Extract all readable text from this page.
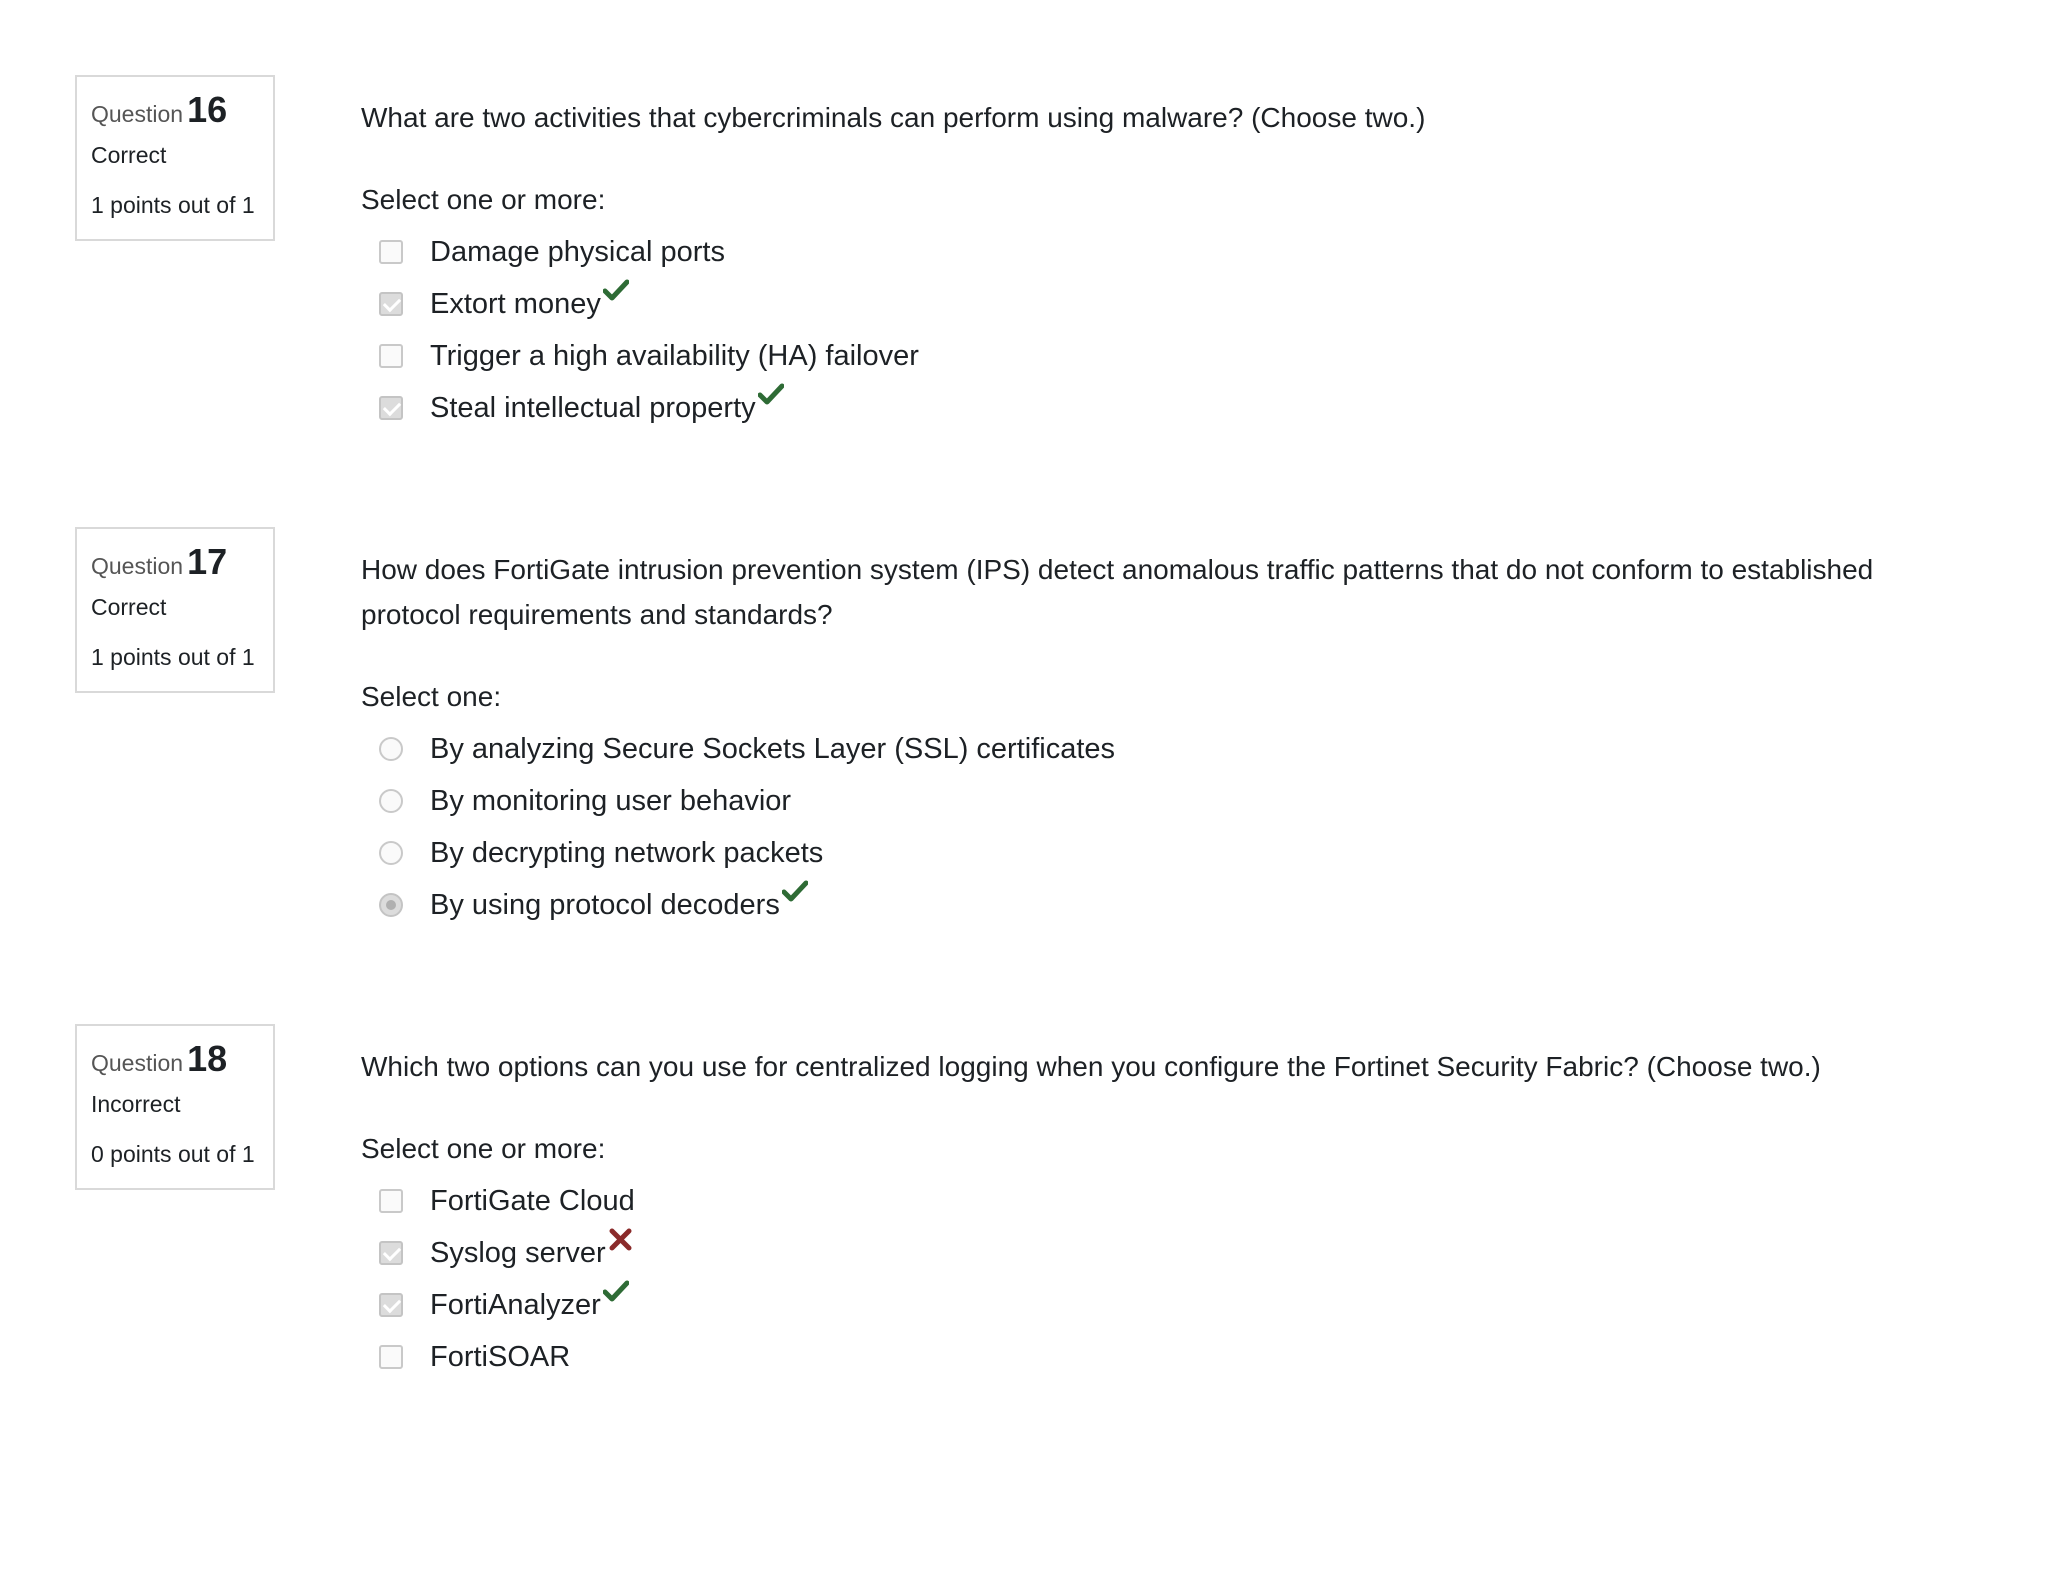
Question 16
Correct
1 points out of 1

What are two activities that cybercriminals can perform using malware? (Choose two.)

Select one or more:
Damage physical ports
Extort money
Trigger a high availability (HA) failover
Steal intellectual property
Question 17
Correct
1 points out of 1

How does FortiGate intrusion prevention system (IPS) detect anomalous traffic patterns that do not conform to established protocol requirements and standards?

Select one:
By analyzing Secure Sockets Layer (SSL) certificates
By monitoring user behavior
By decrypting network packets
By using protocol decoders
Question 18
Incorrect
0 points out of 1

Which two options can you use for centralized logging when you configure the Fortinet Security Fabric? (Choose two.)

Select one or more:
FortiGate Cloud
Syslog server
FortiAnalyzer
FortiSOAR
